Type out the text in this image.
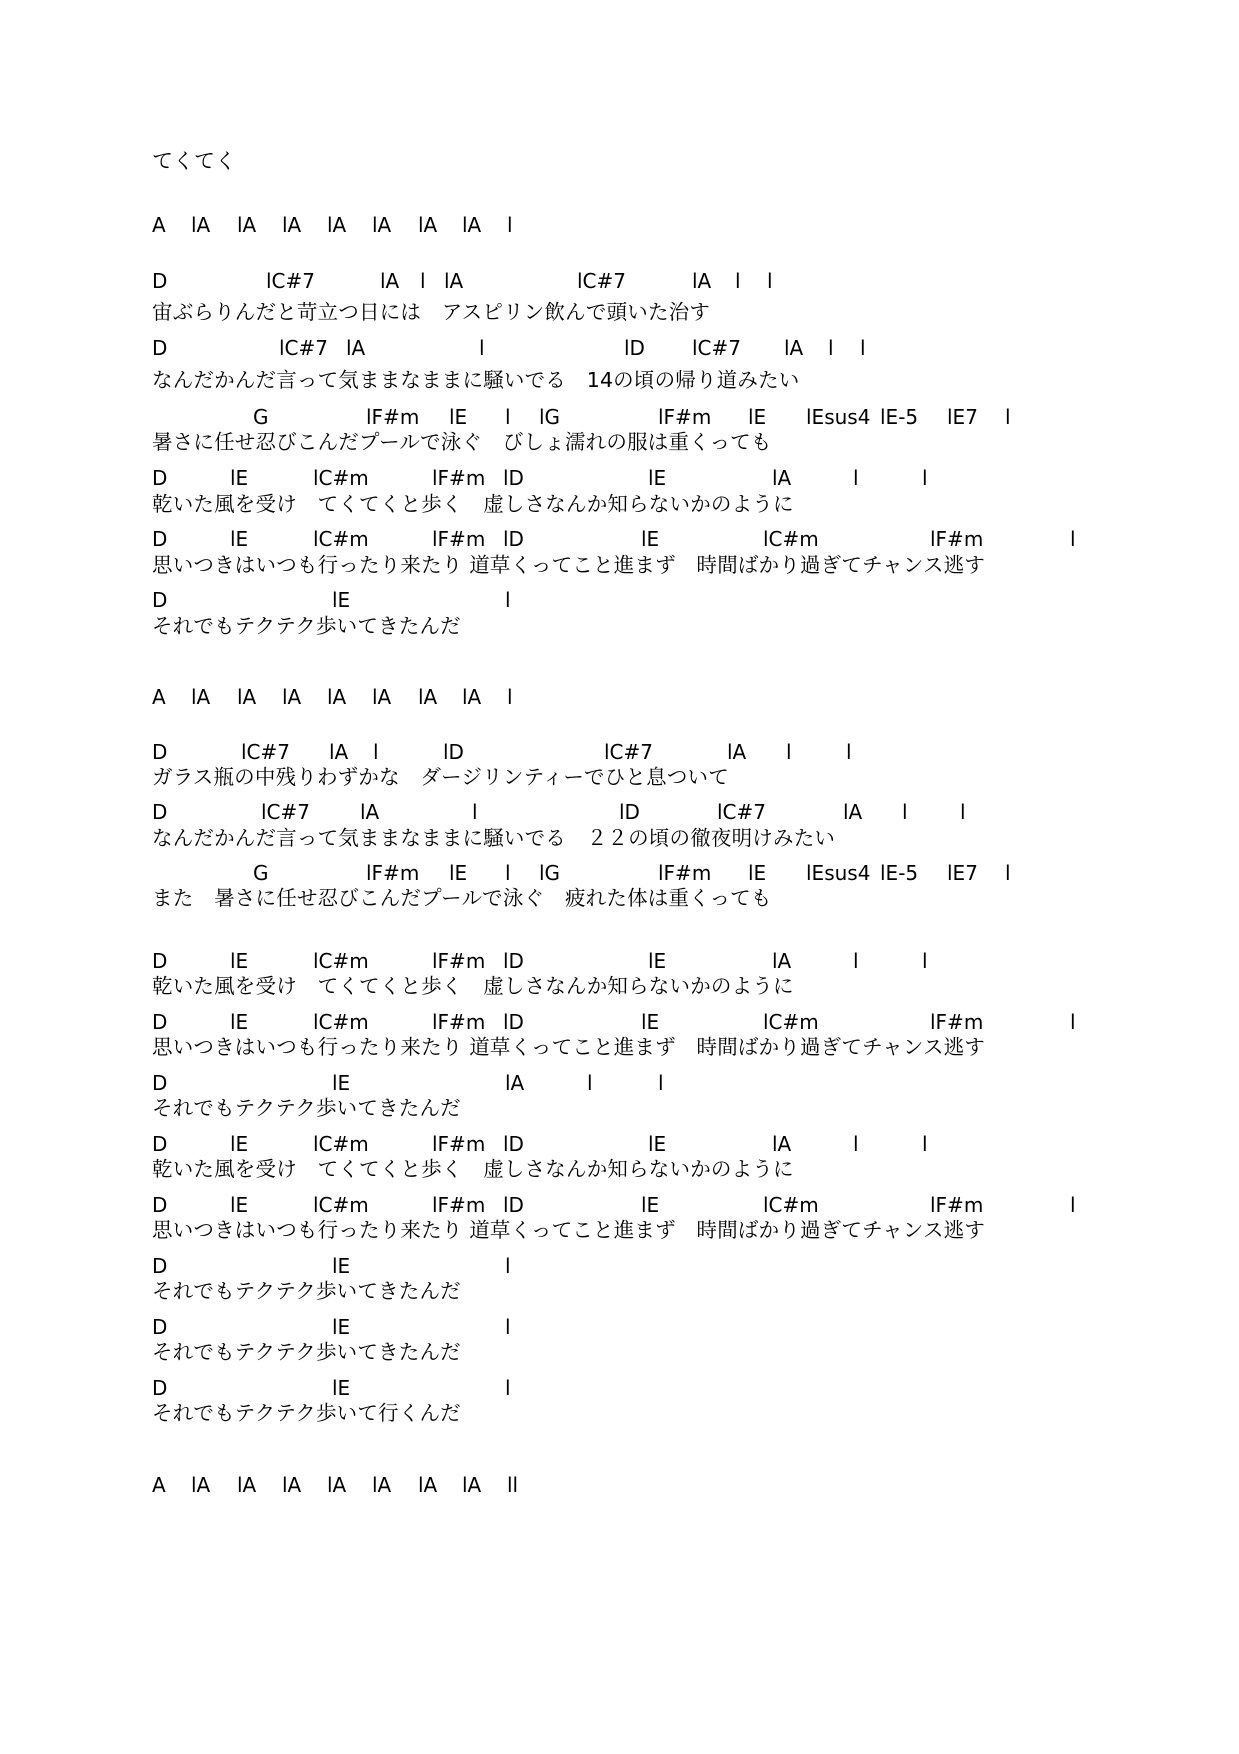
てくてく
A lA lA lA lA lA lA lA l
D	lC#7	lA l lA	lC#7	lA l l
宙ぶらりんだと苛立つ日には　アスピリン飲んで頭いた治す
D	lC#7 lA	l	lD lC#7 lA l l
なんだかんだ言って気ままなままに騒いでる　14の頃の帰り道みたい
G	lF#m lE l lG	lF#m lE lEsus4 lE-5 lE7 l
暑さに任せ忍びこんだプールで泳ぐ　びしょ濡れの服は重くっても
D	lE	lC#m	lF#m lD	lE	lA	l	l
乾いた風を受け　てくてくと歩く　虚しさなんか知らないかのように
D	lE	lC#m	lF#m lD	lE	lC#m	lF#m	l
思いつきはいつも行ったり来たり 道草くってこと進まず　時間ばかり過ぎてチャンス逃す
D	lE	l
それでもテクテク歩いてきたんだ
A lA lA lA lA lA lA lA l
D	lC#7 lA l	lD	lC#7	lA l	l
ガラス瓶の中残りわずかな　ダージリンティーでひと息ついて
D	lC#7 lA	l	lD	lC#7	lA l	l
なんだかんだ言って気ままなままに騒いでる　２２の頃の徹夜明けみたい
G	lF#m lE l lG	lF#m lE lEsus4 lE-5 lE7 l
また　暑さに任せ忍びこんだプールで泳ぐ　疲れた体は重くっても
D	lE	lC#m	lF#m lD	lE	lA	l	l
乾いた風を受け　てくてくと歩く　虚しさなんか知らないかのように
D	lE	lC#m	lF#m lD	lE	lC#m	lF#m	l
思いつきはいつも行ったり来たり 道草くってこと進まず　時間ばかり過ぎてチャンス逃す
D	lE	lA	l	l
それでもテクテク歩いてきたんだ
D	lE	lC#m	lF#m lD	lE	lA	l	l
乾いた風を受け　てくてくと歩く　虚しさなんか知らないかのように
D	lE	lC#m	lF#m lD	lE	lC#m	lF#m	l
思いつきはいつも行ったり来たり 道草くってこと進まず　時間ばかり過ぎてチャンス逃す
D	lE	l
それでもテクテク歩いてきたんだ
D	lE	l
それでもテクテク歩いてきたんだ
D	lE	l
それでもテクテク歩いて行くんだ
A lA lA lA lA lA lA lA ll
